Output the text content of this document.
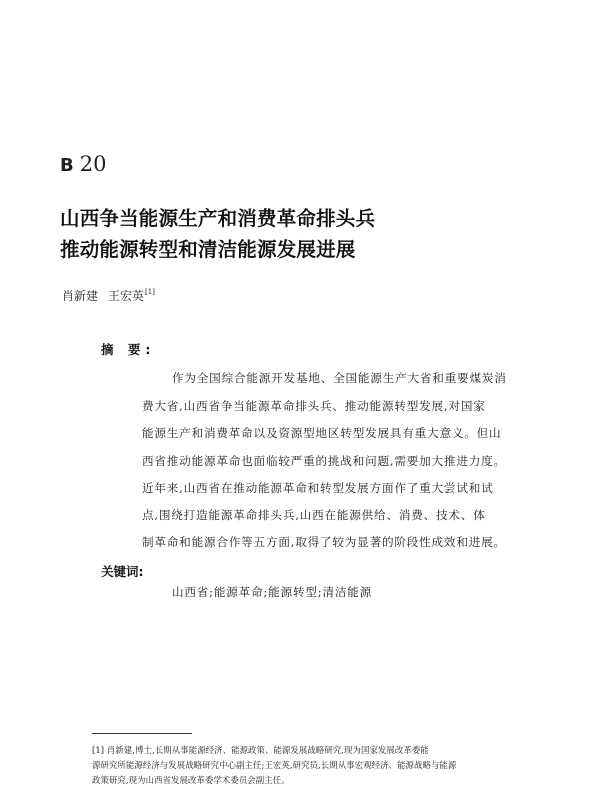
B 20
山西争当能源生产和消费革命排头兵
推动能源转型和清洁能源发展进展
肖新建 王宏英[1]
摘 要:
作为全国综合能源开发基地、全国能源生产大省和重要煤炭消
费大省,山西省争当能源革命排头兵、推动能源转型发展,对国家
能源生产和消费革命以及资源型地区转型发展具有重大意义。但山
西省推动能源革命也面临较严重的挑战和问题,需要加大推进力度。
近年来,山西省在推动能源革命和转型发展方面作了重大尝试和试
点,围绕打造能源革命排头兵,山西在能源供给、消费、技术、体
制革命和能源合作等五方面,取得了较为显著的阶段性成效和进展。
关键词:
山西省;能源革命;能源转型;清洁能源
[1] 肖新建,博士,长期从事能源经济、能源政策、能源发展战略研究,现为国家发展改革委能
源研究所能源经济与发展战略研究中心副主任;王宏英,研究员,长期从事宏观经济、能源战略与能源
政策研究,现为山西省发展改革委学术委员会副主任。
